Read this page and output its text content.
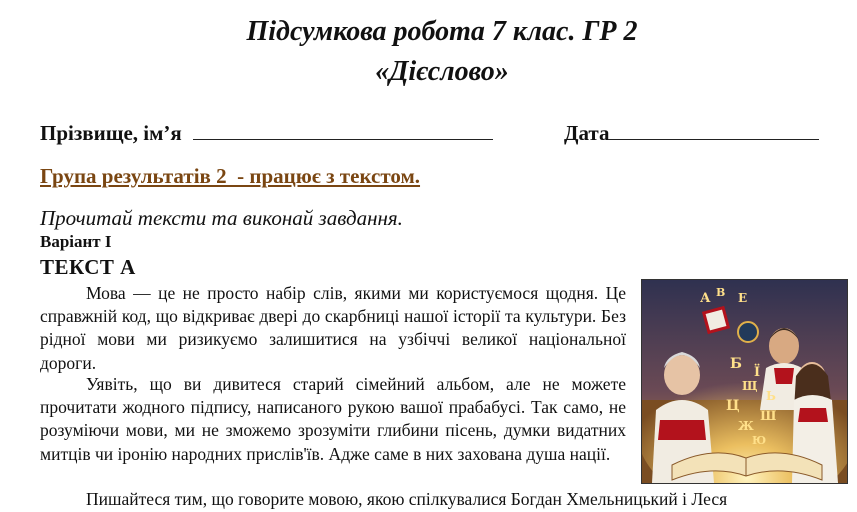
Підсумкова робота 7 клас. ГР 2
«Дієслово»
Прізвище, ім’я	Дата
Група результатів 2  - працює з текстом.
Прочитай тексти та виконай завдання.
Варіант І
ТЕКСТ А

Мова — це не просто набір слів, якими ми користуємося щодня. Це справжній код, що відкриває двері до скарбниці нашої історії та культури. Без рідної мови ми ризикуємо залишитися на узбіччі великої національної дороги.

Уявіть, що ви дивитеся старий сімейний альбом, але не можете прочитати жодного підпису, написаного рукою вашої прабабусі. Так само, не розуміючи мови, ми не зможемо зрозуміти глибини пісень, думки видатних митців чи іронію народних прислів'їв. Адже саме в них захована душа нації.

Пишайтеся тим, що говорите мовою, якою спілкувалися Богдан Хмельницький і Леся

А В Е
Б
Щ
Ї
Ь
Ц
Ш
Ж
Ю
